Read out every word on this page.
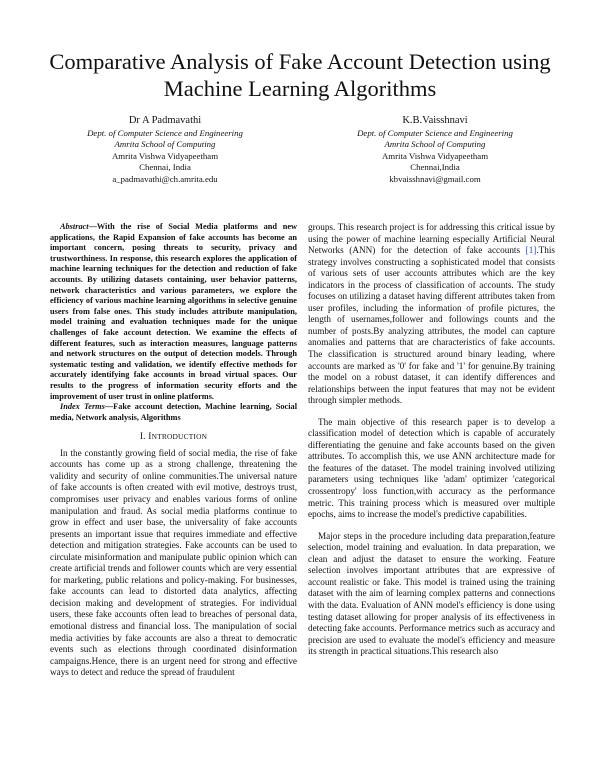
Comparative Analysis of Fake Account Detection using Machine Learning Algorithms
Dr A Padmavathi
Dept. of Computer Science and Engineering
Amrita School of Computing
Amrita Vishwa Vidyapeetham
Chennai, India
a_padmavathi@ch.amrita.edu
K.B.Vaisshnavi
Dept. of Computer Science and Engineering
Amrita School of Computing
Amrita Vishwa Vidyapeetham
Chennai,India
kbvaisshnavi@gmail.com

Abstract—With the rise of Social Media platforms and new applications, the Rapid Expansion of fake accounts has become an important concern, posing threats to security, privacy and trustworthiness. In response, this research explores the application of machine learning techniques for the detection and reduction of fake accounts. By utilizing datasets containing, user behavior patterns, network characteristics and various parameters, we explore the efficiency of various machine learning algorithms in selective genuine users from false ones. This study includes attribute manipulation, model training and evaluation techniques made for the unique challenges of fake account detection. We examine the effects of different features, such as interaction measures, language patterns and network structures on the output of detection models. Through systematic testing and validation, we identify effective methods for accurately identifying fake accounts in broad virtual spaces. Our results to the progress of information security efforts and the improvement of user trust in online platforms.

Index Terms—Fake account detection, Machine learning, Social media, Network analysis, Algorithms

I. INTRODUCTION

In the constantly growing field of social media, the rise of fake accounts has come up as a strong challenge, threatening the validity and security of online communities.The universal nature of fake accounts is often created with evil motive, destroys trust, compromises user privacy and enables various forms of online manipulation and fraud. As social media platforms continue to grow in effect and user base, the universality of fake accounts presents an important issue that requires immediate and effective detection and mitigation strategies. Fake accounts can be used to circulate misinformation and manipulate public opinion which can create artificial trends and follower counts which are very essential for marketing, public relations and policy-making. For businesses, fake accounts can lead to distorted data analytics, affecting decision making and development of strategies. For individual users, these fake accounts often lead to breaches of personal data, emotional distress and financial loss. The manipulation of social media activities by fake accounts are also a threat to democratic events such as elections through coordinated disinformation campaigns.Hence, there is an urgent need for strong and effective ways to detect and reduce the spread of fraudulent

groups. This research project is for addressing this critical issue by using the power of machine learning especially Artificial Neural Networks (ANN) for the detection of fake accounts [1].This strategy involves constructing a sophisticated model that consists of various sets of user accounts attributes which are the key indicators in the process of classification of accounts. The study focuses on utilizing a dataset having different attributes taken from user profiles, including the information of profile pictures, the length of usernames,follower and followings counts and the number of posts.By analyzing attributes, the model can capture anomalies and patterns that are characteristics of fake accounts. The classification is structured around binary leading, where accounts are marked as '0' for fake and '1' for genuine.By training the model on a robust dataset, it can identify differences and relationships between the input features that may not be evident through simpler methods.

The main objective of this research paper is to develop a classification model of detection which is capable of accurately differentiating the genuine and fake accounts based on the given attributes. To accomplish this, we use ANN architecture made for the features of the dataset. The model training involved utilizing parameters using techniques like 'adam' optimizer 'categorical crossentropy' loss function,with accuracy as the performance metric. This training process which is measured over multiple epochs, aims to increase the model's predictive capabilities.

Major steps in the procedure including data preparation,feature selection, model training and evaluation. In data preparation, we clean and adjust the dataset to ensure the working. Feature selection involves important attributes that are expressive of account realistic or fake. This model is trained using the training dataset with the aim of learning complex patterns and connections with the data. Evaluation of ANN model's efficiency is done using testing dataset allowing for proper analysis of its effectiveness in detecting fake accounts. Performance metrics such as accuracy and precision are used to evaluate the model's efficiency and measure its strength in practical situations.This research also
